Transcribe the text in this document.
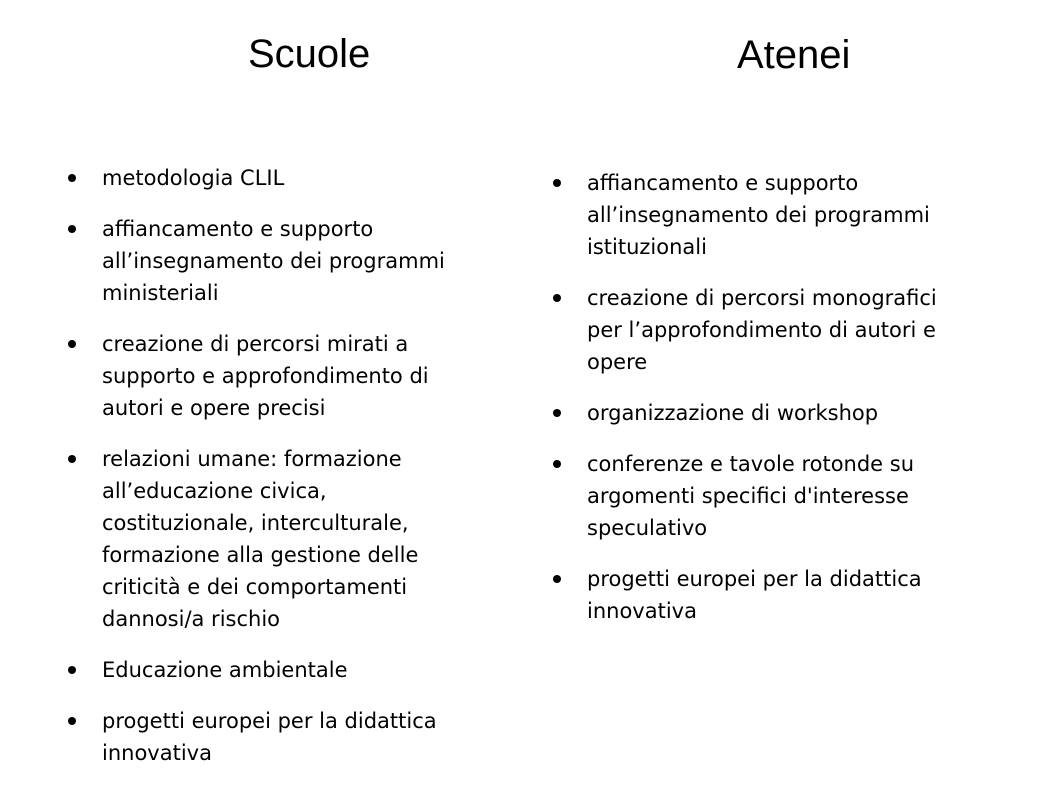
Scuole
metodologia CLIL
affiancamento e supporto
all’insegnamento dei programmi
ministeriali
creazione di percorsi mirati a
supporto e approfondimento di
autori e opere precisi
relazioni umane: formazione
all’educazione civica,
costituzionale, interculturale,
formazione alla gestione delle
criticità e dei comportamenti
dannosi/a rischio
Educazione ambientale
progetti europei per la didattica
innovativa
Atenei
affiancamento e supporto
all’insegnamento dei programmi
istituzionali
creazione di percorsi monografici
per l’approfondimento di autori e
opere
organizzazione di workshop
conferenze e tavole rotonde su
argomenti specifici d'interesse
speculativo
progetti europei per la didattica
innovativa
